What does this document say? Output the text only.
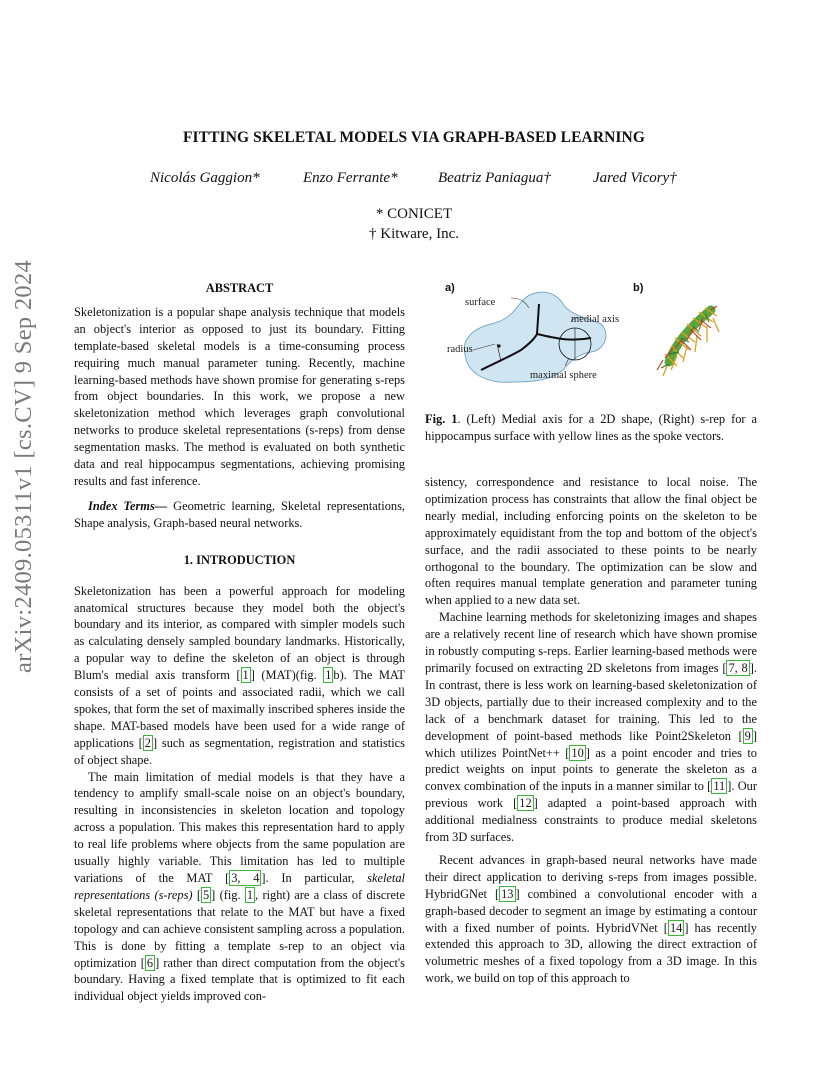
FITTING SKELETAL MODELS VIA GRAPH-BASED LEARNING
Nicolás Gaggion*	Enzo Ferrante*	Beatriz Paniagua†	Jared Vicory†
* CONICET
† Kitware, Inc.
arXiv:2409.05311v1 [cs.CV] 9 Sep 2024	ABSTRACT

Skeletonization is a popular shape analysis technique that models an object's interior as opposed to just its boundary. Fitting template-based skeletal models is a time-consuming process requiring much manual parameter tuning. Recently, machine learning-based methods have shown promise for generating s-reps from object boundaries. In this work, we propose a new skeletonization method which leverages graph convolutional networks to produce skeletal representations (s-reps) from dense segmentation masks. The method is evaluated on both synthetic data and real hippocampus segmentations, achieving promising results and fast inference.

Index Terms— Geometric learning, Skeletal representations, Shape analysis, Graph-based neural networks.

1. INTRODUCTION

Skeletonization has been a powerful approach for modeling anatomical structures because they model both the object's boundary and its interior, as compared with simpler models such as calculating densely sampled boundary landmarks. Historically, a popular way to define the skeleton of an object is through Blum's medial axis transform [ 1 ] (MAT)(fig. 1 b). The MAT consists of a set of points and associated radii, which we call spokes, that form the set of maximally inscribed spheres inside the shape. MAT-based models have been used for a wide range of applications [ 2 ] such as segmentation, registration and statistics of object shape.

The main limitation of medial models is that they have a tendency to amplify small-scale noise on an object's boundary, resulting in inconsistencies in skeleton location and topology across a population. This makes this representation hard to apply to real life problems where objects from the same population are usually highly variable. This limitation has led to multiple variations of the MAT [ 3, 4 ]. In particular, skeletal representations (s-reps) [ 5 ] (fig. 1 , right) are a class of discrete skeletal representations that relate to the MAT but have a fixed topology and can achieve consistent sampling across a population. This is done by fitting a template s-rep to an object via optimization [ 6 ] rather than direct computation from the object's boundary. Having a fixed template that is optimized to fit each individual object yields improved con-

a)	b)
surface
medial axis
radius
maximal sphere
Fig. 1. (Left) Medial axis for a 2D shape, (Right) s-rep for a hippocampus surface with yellow lines as the spoke vectors.

sistency, correspondence and resistance to local noise. The optimization process has constraints that allow the final object be nearly medial, including enforcing points on the skeleton to be approximately equidistant from the top and bottom of the object's surface, and the radii associated to these points to be nearly orthogonal to the boundary. The optimization can be slow and often requires manual template generation and parameter tuning when applied to a new data set.

Machine learning methods for skeletonizing images and shapes are a relatively recent line of research which have shown promise in robustly computing s-reps. Earlier learning-based methods were primarily focused on extracting 2D skeletons from images [ 7, 8 ]. In contrast, there is less work on learning-based skeletonization of 3D objects, partially due to their increased complexity and to the lack of a benchmark dataset for training. This led to the development of point-based methods like Point2Skeleton [ 9 ] which utilizes PointNet++ [ 10 ] as a point encoder and tries to predict weights on input points to generate the skeleton as a convex combination of the inputs in a manner similar to [ 11 ]. Our previous work [ 12 ] adapted a point-based approach with additional medialness constraints to produce medial skeletons from 3D surfaces.

Recent advances in graph-based neural networks have made their direct application to deriving s-reps from images possible. HybridGNet [ 13 ] combined a convolutional encoder with a graph-based decoder to segment an image by estimating a contour with a fixed number of points. HybridVNet [ 14 ] has recently extended this approach to 3D, allowing the direct extraction of volumetric meshes of a fixed topology from a 3D image. In this work, we build on top of this approach to
